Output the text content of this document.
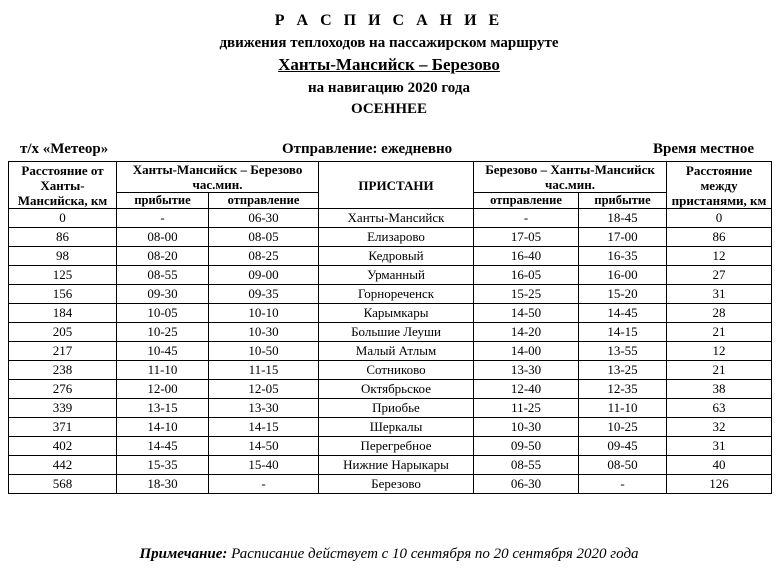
Р А С П И С А Н И Е
движения теплоходов на пассажирском маршруте
Ханты-Мансийск – Березово
на навигацию 2020 года
ОСЕННЕЕ
т/х «Метеор»	Отправление: ежедневно	Время местное
Расстояние от Ханты-Мансийска, км	Ханты-Мансийск – Березово час.мин.		ПРИСТАНИ	Березово – Ханты-Мансийск час.мин.		Расстояние между пристанями, км
	прибытие	отправление		отправление	прибытие	
0	-	06-30	Ханты-Мансийск	-	18-45	0
86	08-00	08-05	Елизарово	17-05	17-00	86
98	08-20	08-25	Кедровый	16-40	16-35	12
125	08-55	09-00	Урманный	16-05	16-00	27
156	09-30	09-35	Горнореченск	15-25	15-20	31
184	10-05	10-10	Карымкары	14-50	14-45	28
205	10-25	10-30	Большие Леуши	14-20	14-15	21
217	10-45	10-50	Малый Атлым	14-00	13-55	12
238	11-10	11-15	Сотниково	13-30	13-25	21
276	12-00	12-05	Октябрьское	12-40	12-35	38
339	13-15	13-30	Приобье	11-25	11-10	63
371	14-10	14-15	Шеркалы	10-30	10-25	32
402	14-45	14-50	Перегребное	09-50	09-45	31
442	15-35	15-40	Нижние Нарыкары	08-55	08-50	40
568	18-30	-	Березово	06-30	-	126
Примечание: Расписание действует с 10 сентября по 20 сентября 2020 года
